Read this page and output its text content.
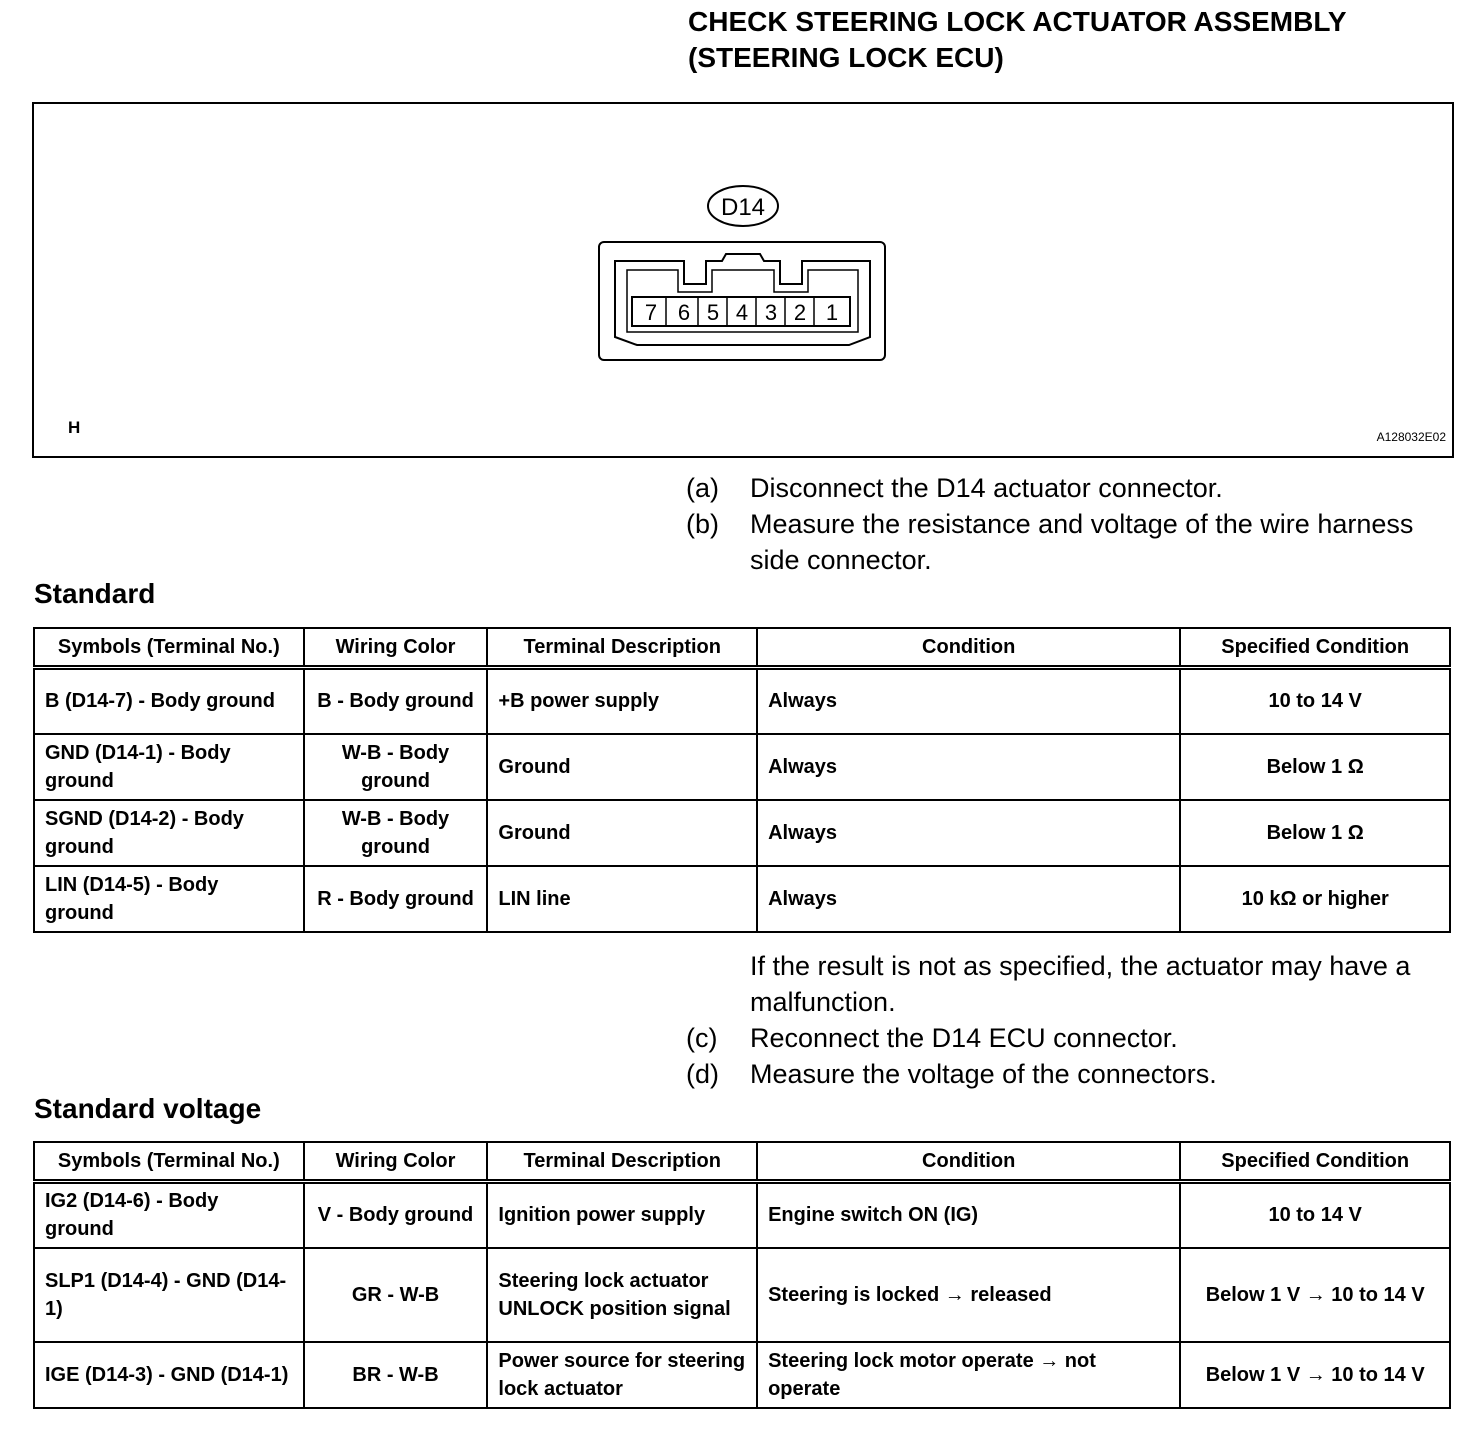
CHECK STEERING LOCK ACTUATOR ASSEMBLY
(STEERING LOCK ECU)
D14
7 6 5 4 3 2 1
H	A128032E02
(a)	Disconnect the D14 actuator connector.
(b)	Measure the resistance and voltage of the wire harness side connector.
Standard
Symbols (Terminal No.)	Wiring Color	Terminal Description	Condition	Specified Condition
B (D14-7) - Body ground	B - Body ground	+B power supply	Always	10 to 14 V
GND (D14-1) - Body ground	W-B - Body ground	Ground	Always	Below 1 Ω
SGND (D14-2) - Body ground	W-B - Body ground	Ground	Always	Below 1 Ω
LIN (D14-5) - Body ground	R - Body ground	LIN line	Always	10 kΩ or higher
If the result is not as specified, the actuator may have a malfunction.
(c)	Reconnect the D14 ECU connector.
(d)	Measure the voltage of the connectors.
Standard voltage
Symbols (Terminal No.)	Wiring Color	Terminal Description	Condition	Specified Condition
IG2 (D14-6) - Body ground	V - Body ground	Ignition power supply	Engine switch ON (IG)	10 to 14 V
SLP1 (D14-4) - GND (D14-1)	GR - W-B	Steering lock actuator UNLOCK position signal	Steering is locked → released	Below 1 V → 10 to 14 V
IGE (D14-3) - GND (D14-1)	BR - W-B	Power source for steering lock actuator	Steering lock motor operate → not operate	Below 1 V → 10 to 14 V
